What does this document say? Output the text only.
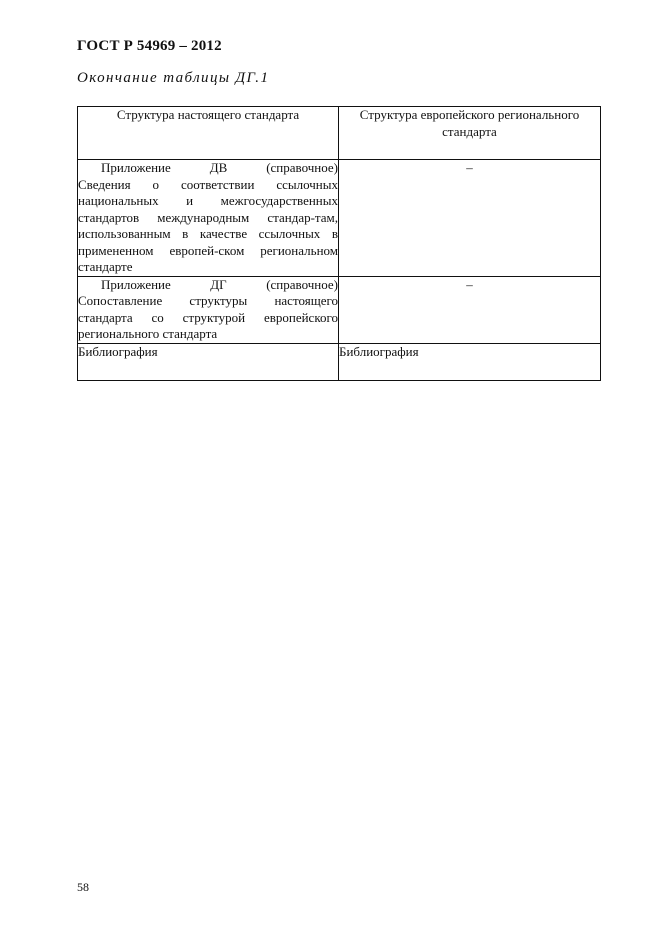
ГОСТ Р 54969 – 2012
Окончание таблицы ДГ.1
Структура настоящего стандарта	Структура европейского регионального стандарта

Приложение ДВ (справочное)
Сведения о соответствии ссылочных национальных и межгосударственных стандартов международным стандар-там, использованным в качестве ссылочных в примененном европей-ском региональном стандарте	–

Приложение ДГ (справочное)
Сопоставление структуры настоящего стандарта со структурой европейского регионального стандарта	–
Библиография	Библиография
58
